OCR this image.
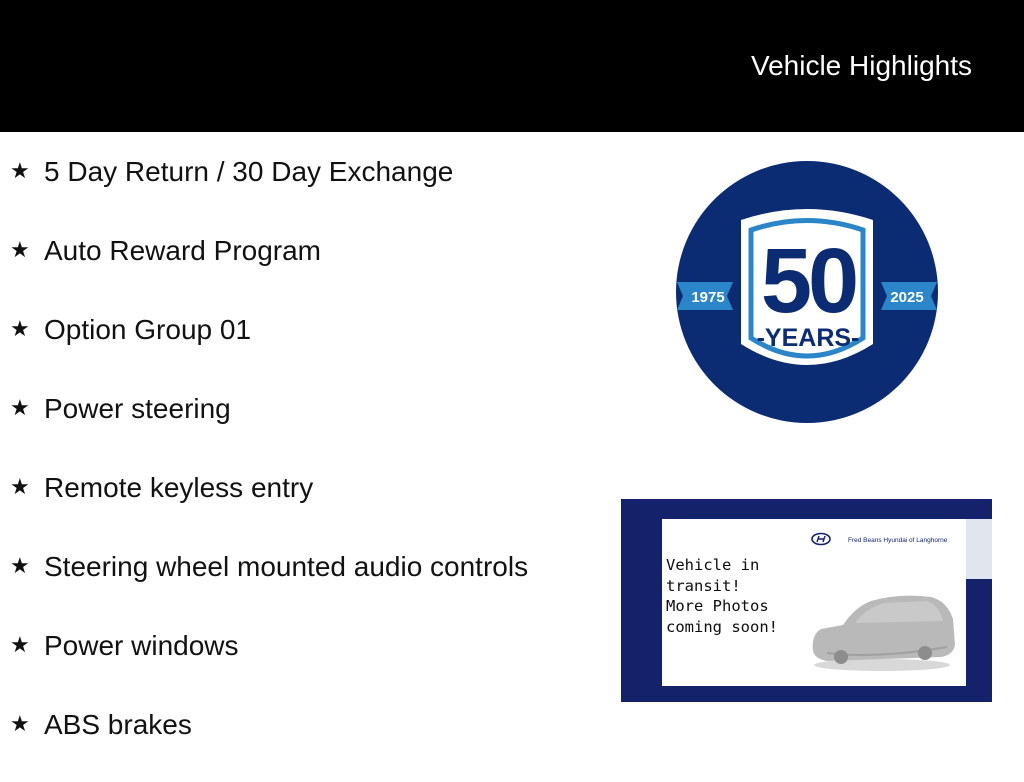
Vehicle Highlights
★ 5 Day Return / 30 Day Exchange
★ Auto Reward Program
★ Option Group 01
★ Power steering
★ Remote keyless entry
★ Steering wheel mounted audio controls
★ Power windows
★ ABS brakes
1975	2025
50
-YEARS-
Fred Beans Hyundai of Langhorne
Vehicle in
transit!
More Photos
coming soon!
